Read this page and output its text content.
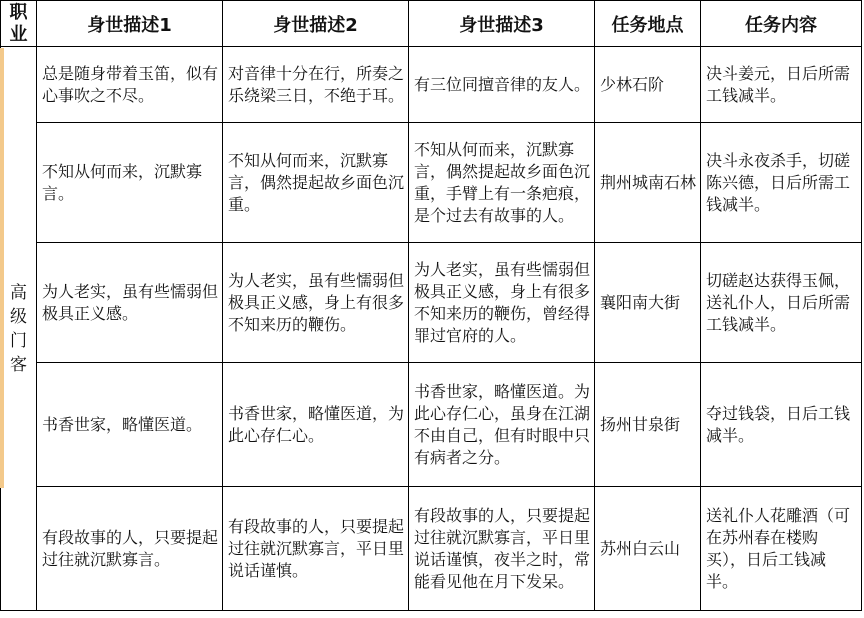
职业	身世描述1	身世描述2	身世描述3	任务地点	任务内容

高级门客	总是随身带着玉笛，似有心事吹之不尽。	对音律十分在行，所奏之乐绕梁三日，不绝于耳。	有三位同擅音律的友人。	少林石阶	决斗姜元，日后所需工钱减半。

	不知从何而来，沉默寡言。	不知从何而来，沉默寡言，偶然提起故乡面色沉重。	不知从何而来，沉默寡言，偶然提起故乡面色沉重，手臂上有一条疤痕，是个过去有故事的人。	荆州城南石林	决斗永夜杀手，切磋陈兴德，日后所需工钱减半。

	为人老实，虽有些懦弱但极具正义感。	为人老实，虽有些懦弱但极具正义感，身上有很多不知来历的鞭伤。	为人老实，虽有些懦弱但极具正义感，身上有很多不知来历的鞭伤，曾经得罪过官府的人。	襄阳南大街	切磋赵达获得玉佩，送礼仆人，日后所需工钱减半。

	书香世家，略懂医道。	书香世家，略懂医道，为此心存仁心。	书香世家，略懂医道。为此心存仁心，虽身在江湖不由自己，但有时眼中只有病者之分。	扬州甘泉街	夺过钱袋，日后工钱减半。

	有段故事的人，只要提起过往就沉默寡言。	有段故事的人，只要提起过往就沉默寡言，平日里说话谨慎。	有段故事的人，只要提起过往就沉默寡言，平日里说话谨慎，夜半之时，常能看见他在月下发呆。	苏州白云山	送礼仆人花雕酒（可在苏州春在楼购买），日后工钱减半。
